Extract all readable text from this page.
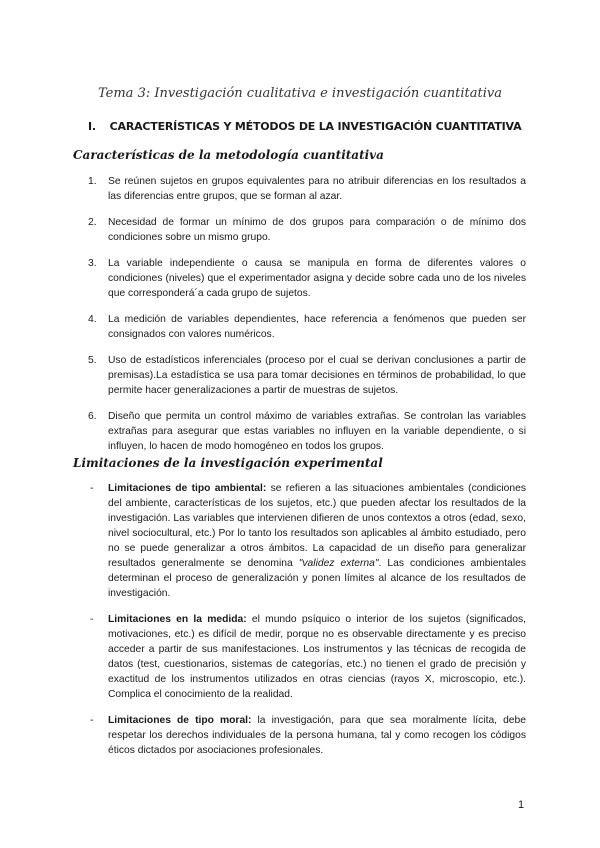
Tema 3: Investigación cualitativa e investigación cuantitativa
I. CARACTERÍSTICAS Y MÉTODOS DE LA INVESTIGACIÓN CUANTITATIVA
Características de la metodología cuantitativa
1. Se reúnen sujetos en grupos equivalentes para no atribuir diferencias en los resultados a las diferencias entre grupos, que se forman al azar.
2. Necesidad de formar un mínimo de dos grupos para comparación o de mínimo dos condiciones sobre un mismo grupo.
3. La variable independiente o causa se manipula en forma de diferentes valores o condiciones (niveles) que el experimentador asigna y decide sobre cada uno de los niveles que corresponderá´a cada grupo de sujetos.
4. La medición de variables dependientes, hace referencia a fenómenos que pueden ser consignados con valores numéricos.
5. Uso de estadísticos inferenciales (proceso por el cual se derivan conclusiones a partir de premisas).La estadística se usa para tomar decisiones en términos de probabilidad, lo que permite hacer generalizaciones a partir de muestras de sujetos.
6. Diseño que permita un control máximo de variables extrañas. Se controlan las variables extrañas para asegurar que estas variables no influyen en la variable dependiente, o si influyen, lo hacen de modo homogéneo en todos los grupos.
Limitaciones de la investigación experimental
- Limitaciones de tipo ambiental: se refieren a las situaciones ambientales (condiciones del ambiente, características de los sujetos, etc.) que pueden afectar los resultados de la investigación. Las variables que intervienen difieren de unos contextos a otros (edad, sexo, nivel sociocultural, etc.) Por lo tanto los resultados son aplicables al ámbito estudiado, pero no se puede generalizar a otros ámbitos. La capacidad de un diseño para generalizar resultados generalmente se denomina "validez externa". Las condiciones ambientales determinan el proceso de generalización y ponen límites al alcance de los resultados de investigación.
- Limitaciones en la medida: el mundo psíquico o interior de los sujetos (significados, motivaciones, etc.) es difícil de medir, porque no es observable directamente y es preciso acceder a partir de sus manifestaciones. Los instrumentos y las técnicas de recogida de datos (test, cuestionarios, sistemas de categorías, etc.) no tienen el grado de precisión y exactitud de los instrumentos utilizados en otras ciencias (rayos X, microscopio, etc.). Complica el conocimiento de la realidad.
- Limitaciones de tipo moral: la investigación, para que sea moralmente lícita, debe respetar los derechos individuales de la persona humana, tal y como recogen los códigos éticos dictados por asociaciones profesionales.
1
